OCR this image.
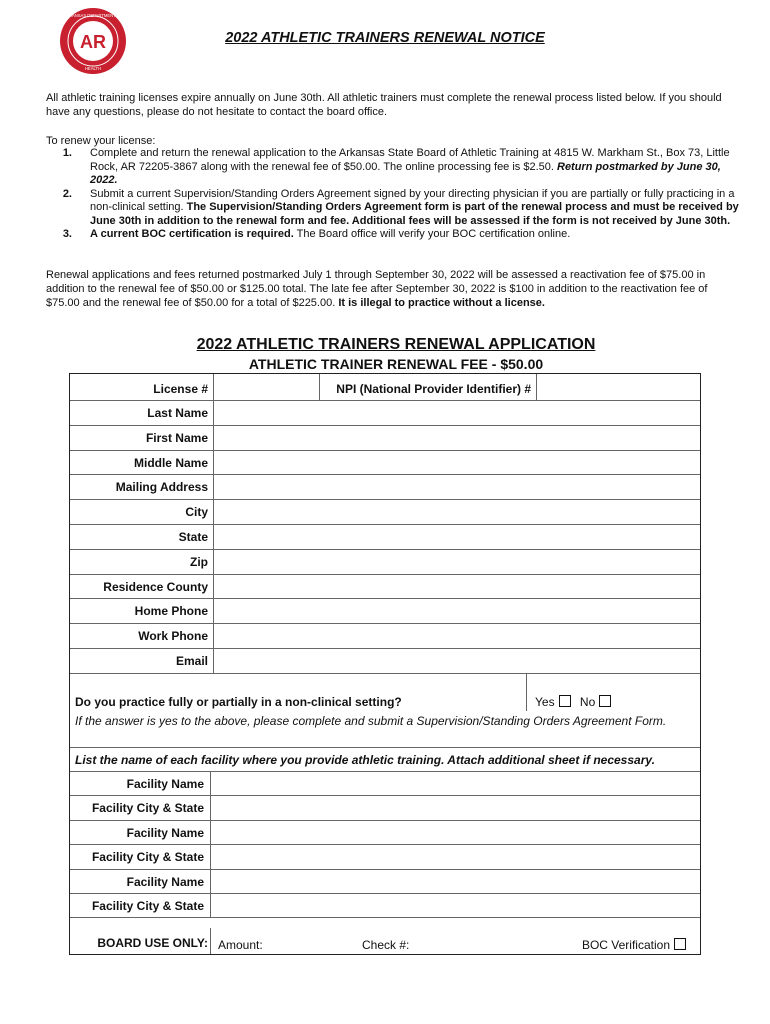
AR
ARKANSAS DEPARTMENT OF
HEALTH
2022 ATHLETIC TRAINERS RENEWAL NOTICE
All athletic training licenses expire annually on June 30th. All athletic trainers must complete the renewal process listed below. If you should have any questions, please do not hesitate to contact the board office.
To renew your license:
1.	Complete and return the renewal application to the Arkansas State Board of Athletic Training at 4815 W. Markham St., Box 73, Little Rock, AR 72205-3867 along with the renewal fee of $50.00. The online processing fee is $2.50. Return postmarked by June 30, 2022.
2.	Submit a current Supervision/Standing Orders Agreement signed by your directing physician if you are partially or fully practicing in a non-clinical setting. The Supervision/Standing Orders Agreement form is part of the renewal process and must be received by June 30th in addition to the renewal form and fee. Additional fees will be assessed if the form is not received by June 30th.
3.	A current BOC certification is required. The Board office will verify your BOC certification online.
Renewal applications and fees returned postmarked July 1 through September 30, 2022 will be assessed a reactivation fee of $75.00 in addition to the renewal fee of $50.00 or $125.00 total. The late fee after September 30, 2022 is $100 in addition to the reactivation fee of $75.00 and the renewal fee of $50.00 for a total of $225.00. It is illegal to practice without a license.
2022 ATHLETIC TRAINERS RENEWAL APPLICATION
ATHLETIC TRAINER RENEWAL FEE - $50.00
License #	NPI (National Provider Identifier) #
Last Name
First Name
Middle Name
Mailing Address
City
State
Zip
Residence County
Home Phone
Work Phone
Email
Do you practice fully or partially in a non-clinical setting?	Yes No
If the answer is yes to the above, please complete and submit a Supervision/Standing Orders Agreement Form.
List the name of each facility where you provide athletic training. Attach additional sheet if necessary.
Facility Name
Facility City & State
Facility Name
Facility City & State
Facility Name
Facility City & State
BOARD USE ONLY: Amount:	Check #:	BOC Verification
